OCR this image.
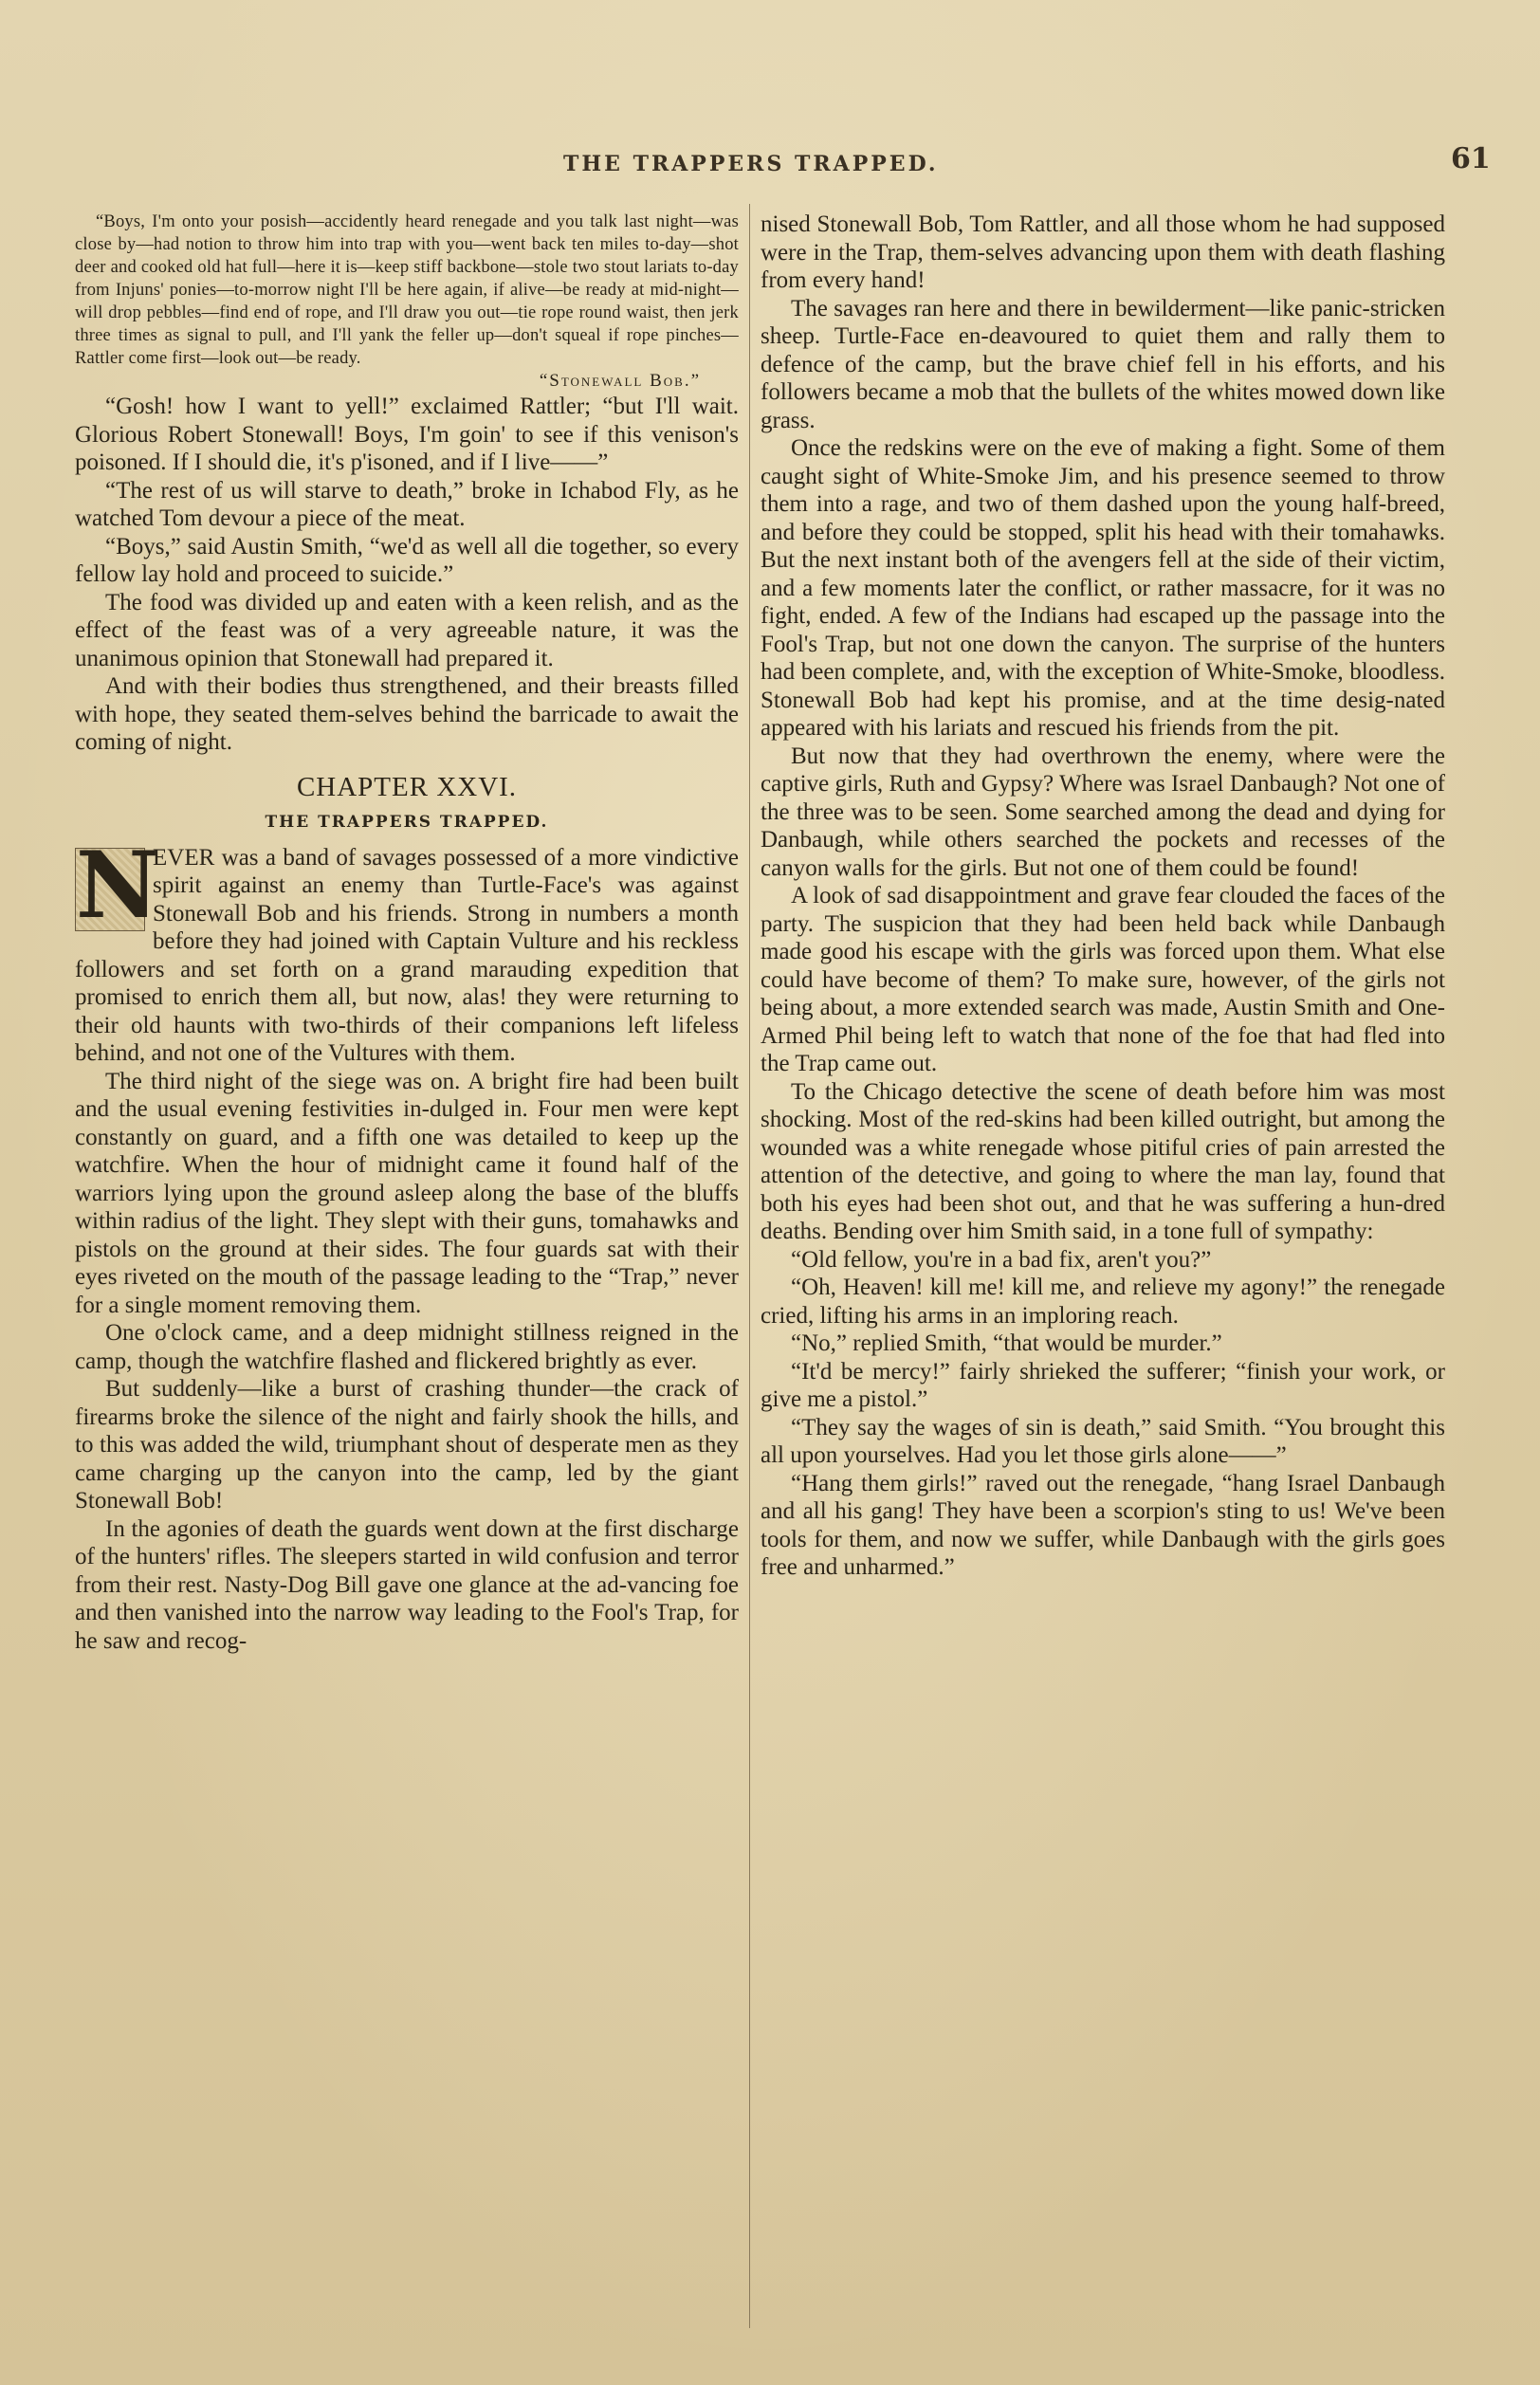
THE TRAPPERS TRAPPED.	61

“Boys, I'm onto your posish—accidently heard renegade and you talk last night—was close by—had notion to throw him into trap with you—went back ten miles to-day—shot deer and cooked old hat full—here it is—keep stiff backbone—stole two stout lariats to-day from Injuns' ponies—to-morrow night I'll be here again, if alive—be ready at mid-night—will drop pebbles—find end of rope, and I'll draw you out—tie rope round waist, then jerk three times as signal to pull, and I'll yank the feller up—don't squeal if rope pinches—Rattler come first—look out—be ready.

“Stonewall Bob.”

“Gosh! how I want to yell!” exclaimed Rattler; “but I'll wait. Glorious Robert Stonewall! Boys, I'm goin' to see if this venison's poisoned. If I should die, it's p'isoned, and if I live——”

“The rest of us will starve to death,” broke in Ichabod Fly, as he watched Tom devour a piece of the meat.

“Boys,” said Austin Smith, “we'd as well all die together, so every fellow lay hold and proceed to suicide.”

The food was divided up and eaten with a keen relish, and as the effect of the feast was of a very agreeable nature, it was the unanimous opinion that Stonewall had prepared it.

And with their bodies thus strengthened, and their breasts filled with hope, they seated them-selves behind the barricade to await the coming of night.

CHAPTER XXVI.
THE TRAPPERS TRAPPED.

N
EVER was a band of savages possessed of a more vindictive spirit against an enemy than Turtle-Face's was against Stonewall Bob and his friends. Strong in numbers a month before they had joined with Captain Vulture and his reckless followers and set forth on a grand marauding expedition that promised to enrich them all, but now, alas! they were returning to their old haunts with two-thirds of their companions left lifeless behind, and not one of the Vultures with them.

The third night of the siege was on. A bright fire had been built and the usual evening festivities in-dulged in. Four men were kept constantly on guard, and a fifth one was detailed to keep up the watchfire. When the hour of midnight came it found half of the warriors lying upon the ground asleep along the base of the bluffs within radius of the light. They slept with their guns, tomahawks and pistols on the ground at their sides. The four guards sat with their eyes riveted on the mouth of the passage leading to the “Trap,” never for a single moment removing them.

One o'clock came, and a deep midnight stillness reigned in the camp, though the watchfire flashed and flickered brightly as ever.

But suddenly—like a burst of crashing thunder—the crack of firearms broke the silence of the night and fairly shook the hills, and to this was added the wild, triumphant shout of desperate men as they came charging up the canyon into the camp, led by the giant Stonewall Bob!

In the agonies of death the guards went down at the first discharge of the hunters' rifles. The sleepers started in wild confusion and terror from their rest. Nasty-Dog Bill gave one glance at the ad-vancing foe and then vanished into the narrow way leading to the Fool's Trap, for he saw and recog-

nised Stonewall Bob, Tom Rattler, and all those whom he had supposed were in the Trap, them-selves advancing upon them with death flashing from every hand!

The savages ran here and there in bewilderment—like panic-stricken sheep. Turtle-Face en-deavoured to quiet them and rally them to defence of the camp, but the brave chief fell in his efforts, and his followers became a mob that the bullets of the whites mowed down like grass.

Once the redskins were on the eve of making a fight. Some of them caught sight of White-Smoke Jim, and his presence seemed to throw them into a rage, and two of them dashed upon the young half-breed, and before they could be stopped, split his head with their tomahawks. But the next instant both of the avengers fell at the side of their victim, and a few moments later the conflict, or rather massacre, for it was no fight, ended. A few of the Indians had escaped up the passage into the Fool's Trap, but not one down the canyon. The surprise of the hunters had been complete, and, with the exception of White-Smoke, bloodless. Stonewall Bob had kept his promise, and at the time desig-nated appeared with his lariats and rescued his friends from the pit.

But now that they had overthrown the enemy, where were the captive girls, Ruth and Gypsy? Where was Israel Danbaugh? Not one of the three was to be seen. Some searched among the dead and dying for Danbaugh, while others searched the pockets and recesses of the canyon walls for the girls. But not one of them could be found!

A look of sad disappointment and grave fear clouded the faces of the party. The suspicion that they had been held back while Danbaugh made good his escape with the girls was forced upon them. What else could have become of them? To make sure, however, of the girls not being about, a more extended search was made, Austin Smith and One-Armed Phil being left to watch that none of the foe that had fled into the Trap came out.

To the Chicago detective the scene of death before him was most shocking. Most of the red-skins had been killed outright, but among the wounded was a white renegade whose pitiful cries of pain arrested the attention of the detective, and going to where the man lay, found that both his eyes had been shot out, and that he was suffering a hun-dred deaths. Bending over him Smith said, in a tone full of sympathy:

“Old fellow, you're in a bad fix, aren't you?”

“Oh, Heaven! kill me! kill me, and relieve my agony!” the renegade cried, lifting his arms in an imploring reach.

“No,” replied Smith, “that would be murder.”

“It'd be mercy!” fairly shrieked the sufferer; “finish your work, or give me a pistol.”

“They say the wages of sin is death,” said Smith. “You brought this all upon yourselves. Had you let those girls alone——”

“Hang them girls!” raved out the renegade, “hang Israel Danbaugh and all his gang! They have been a scorpion's sting to us! We've been tools for them, and now we suffer, while Danbaugh with the girls goes free and unharmed.”
